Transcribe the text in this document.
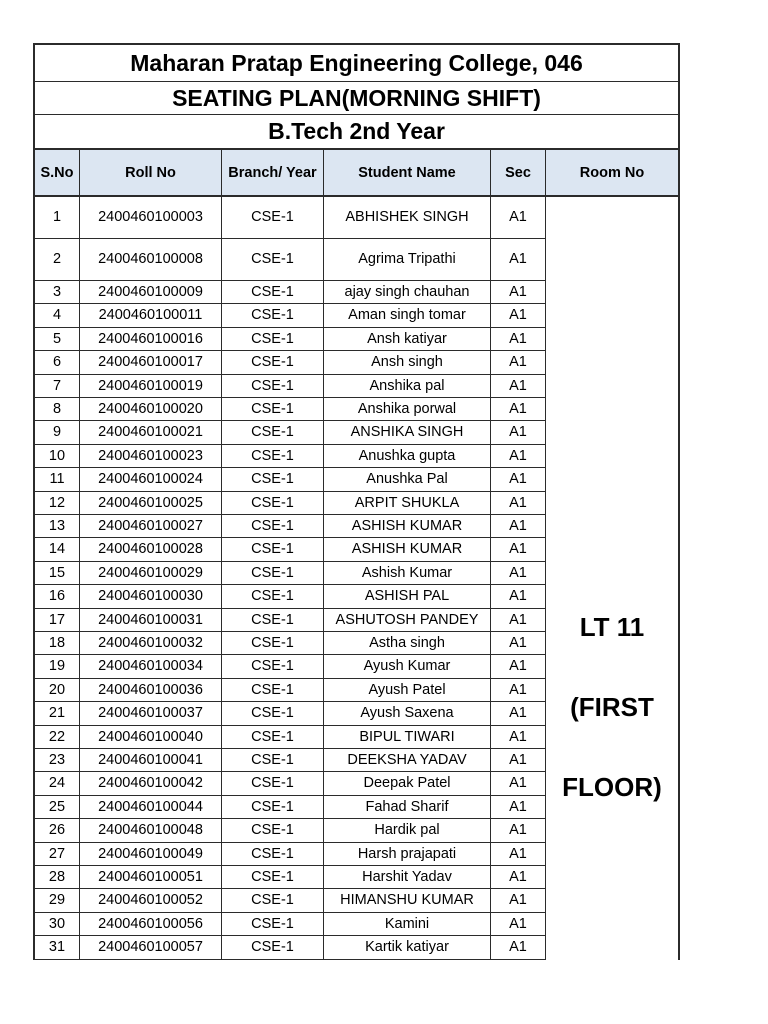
Maharan Pratap Engineering College, 046
SEATING PLAN(MORNING SHIFT)
B.Tech 2nd Year
S.No	Roll No	Branch/ Year	Student Name	Sec	Room No
1	2400460100003	CSE-1	ABHISHEK SINGH	A1
2	2400460100008	CSE-1	Agrima Tripathi	A1
3	2400460100009	CSE-1	ajay singh chauhan	A1
4	2400460100011	CSE-1	Aman singh tomar	A1
5	2400460100016	CSE-1	Ansh katiyar	A1
6	2400460100017	CSE-1	Ansh singh	A1
7	2400460100019	CSE-1	Anshika pal	A1
8	2400460100020	CSE-1	Anshika porwal	A1
9	2400460100021	CSE-1	ANSHIKA SINGH	A1
10	2400460100023	CSE-1	Anushka gupta	A1
11	2400460100024	CSE-1	Anushka Pal	A1
12	2400460100025	CSE-1	ARPIT SHUKLA	A1
13	2400460100027	CSE-1	ASHISH KUMAR	A1
14	2400460100028	CSE-1	ASHISH KUMAR	A1
15	2400460100029	CSE-1	Ashish Kumar	A1
16	2400460100030	CSE-1	ASHISH PAL	A1
17	2400460100031	CSE-1	ASHUTOSH PANDEY	A1
18	2400460100032	CSE-1	Astha singh	A1
19	2400460100034	CSE-1	Ayush Kumar	A1
20	2400460100036	CSE-1	Ayush Patel	A1
21	2400460100037	CSE-1	Ayush Saxena	A1
22	2400460100040	CSE-1	BIPUL TIWARI	A1
23	2400460100041	CSE-1	DEEKSHA YADAV	A1
24	2400460100042	CSE-1	Deepak Patel	A1
25	2400460100044	CSE-1	Fahad Sharif	A1
26	2400460100048	CSE-1	Hardik pal	A1
27	2400460100049	CSE-1	Harsh prajapati	A1
28	2400460100051	CSE-1	Harshit Yadav	A1
29	2400460100052	CSE-1	HIMANSHU KUMAR	A1
30	2400460100056	CSE-1	Kamini	A1
31	2400460100057	CSE-1	Kartik katiyar	A1

LT 11

(FIRST

FLOOR)
